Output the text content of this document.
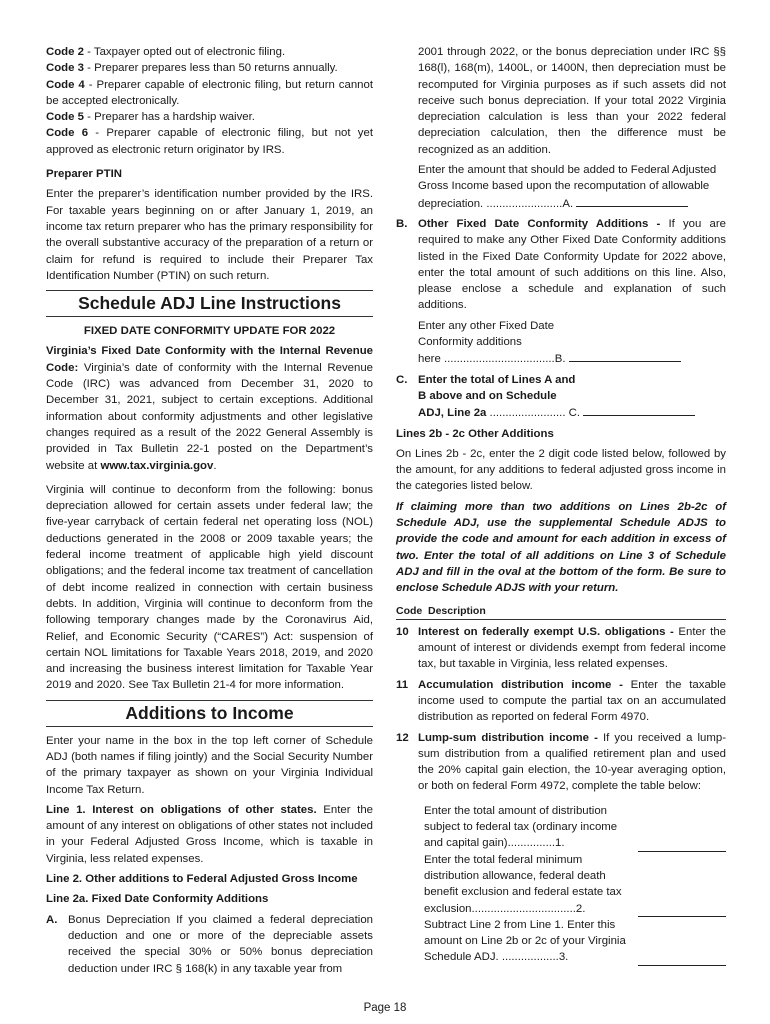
Code 2 - Taxpayer opted out of electronic filing.

Code 3 - Preparer prepares less than 50 returns annually.

Code 4 - Preparer capable of electronic filing, but return cannot be accepted electronically.

Code 5 - Preparer has a hardship waiver.

Code 6 - Preparer capable of electronic filing, but not yet approved as electronic return originator by IRS.

Preparer PTIN

Enter the preparer’s identification number provided by the IRS. For taxable years beginning on or after January 1, 2019, an income tax return preparer who has the primary responsibility for the overall substantive accuracy of the preparation of a return or claim for refund is required to include their Preparer Tax Identification Number (PTIN) on such return.

Schedule ADJ Line Instructions

FIXED DATE CONFORMITY UPDATE FOR 2022

Virginia’s Fixed Date Conformity with the Internal Revenue Code: Virginia’s date of conformity with the Internal Revenue Code (IRC) was advanced from December 31, 2020 to December 31, 2021, subject to certain exceptions. Additional information about conformity adjustments and other legislative changes required as a result of the 2022 General Assembly is provided in Tax Bulletin 22-1 posted on the Department’s website at www.tax.virginia.gov.

Virginia will continue to deconform from the following: bonus depreciation allowed for certain assets under federal law; the five-year carryback of certain federal net operating loss (NOL) deductions generated in the 2008 or 2009 taxable years; the federal income treatment of applicable high yield discount obligations; and the federal income tax treatment of cancellation of debt income realized in connection with certain business debts. In addition, Virginia will continue to deconform from the following temporary changes made by the Coronavirus Aid, Relief, and Economic Security (“CARES”) Act: suspension of certain NOL limitations for Taxable Years 2018, 2019, and 2020 and increasing the business interest limitation for Taxable Year 2019 and 2020. See Tax Bulletin 21-4 for more information.

Additions to Income

Enter your name in the box in the top left corner of Schedule ADJ (both names if filing jointly) and the Social Security Number of the primary taxpayer as shown on your Virginia Individual Income Tax Return.

Line 1. Interest on obligations of other states. Enter the amount of any interest on obligations of other states not included in your Federal Adjusted Gross Income, which is taxable in Virginia, less related expenses.

Line 2. Other additions to Federal Adjusted Gross Income

Line 2a. Fixed Date Conformity Additions

A. Bonus Depreciation If you claimed a federal depreciation deduction and one or more of the depreciable assets received the special 30% or 50% bonus depreciation deduction under IRC § 168(k) in any taxable year from

2001 through 2022, or the bonus depreciation under IRC §§ 168(l), 168(m), 1400L, or 1400N, then depreciation must be recomputed for Virginia purposes as if such assets did not receive such bonus depreciation. If your total 2022 Virginia depreciation calculation is less than your 2022 federal depreciation calculation, then the difference must be recognized as an addition.

Enter the amount that should be added to Federal Adjusted Gross Income based upon the recomputation of allowable

depreciation. ........................A.

B. Other Fixed Date Conformity Additions - If you are required to make any Other Fixed Date Conformity additions listed in the Fixed Date Conformity Update for 2022 above, enter the total amount of such additions on this line. Also, please enclose a schedule and explanation of such additions.

Enter any other Fixed Date

Conformity additions

here ...................................B.

C. Enter the total of Lines A and
B above and on Schedule
ADJ, Line 2a ........................ C.

Lines 2b - 2c Other Additions

On Lines 2b - 2c, enter the 2 digit code listed below, followed by the amount, for any additions to federal adjusted gross income in the categories listed below.

If claiming more than two additions on Lines 2b-2c of Schedule ADJ, use the supplemental Schedule ADJS to provide the code and amount for each addition in excess of two. Enter the total of all additions on Line 3 of Schedule ADJ and fill in the oval at the bottom of the form. Be sure to enclose Schedule ADJS with your return.

Code Description
10 Interest on federally exempt U.S. obligations - Enter the amount of interest or dividends exempt from federal income tax, but taxable in Virginia, less related expenses.
11 Accumulation distribution income - Enter the taxable income used to compute the partial tax on an accumulated distribution as reported on federal Form 4970.
12 Lump-sum distribution income - If you received a lump-sum distribution from a qualified retirement plan and used the 20% capital gain election, the 10-year averaging option, or both on federal Form 4972, complete the table below:
Enter the total amount of distribution subject to federal tax (ordinary income and capital gain)...............1.
Enter the total federal minimum distribution allowance, federal death benefit exclusion and federal estate tax exclusion.................................2.
Subtract Line 2 from Line 1. Enter this amount on Line 2b or 2c of your Virginia Schedule ADJ. ..................3.
Page 18
